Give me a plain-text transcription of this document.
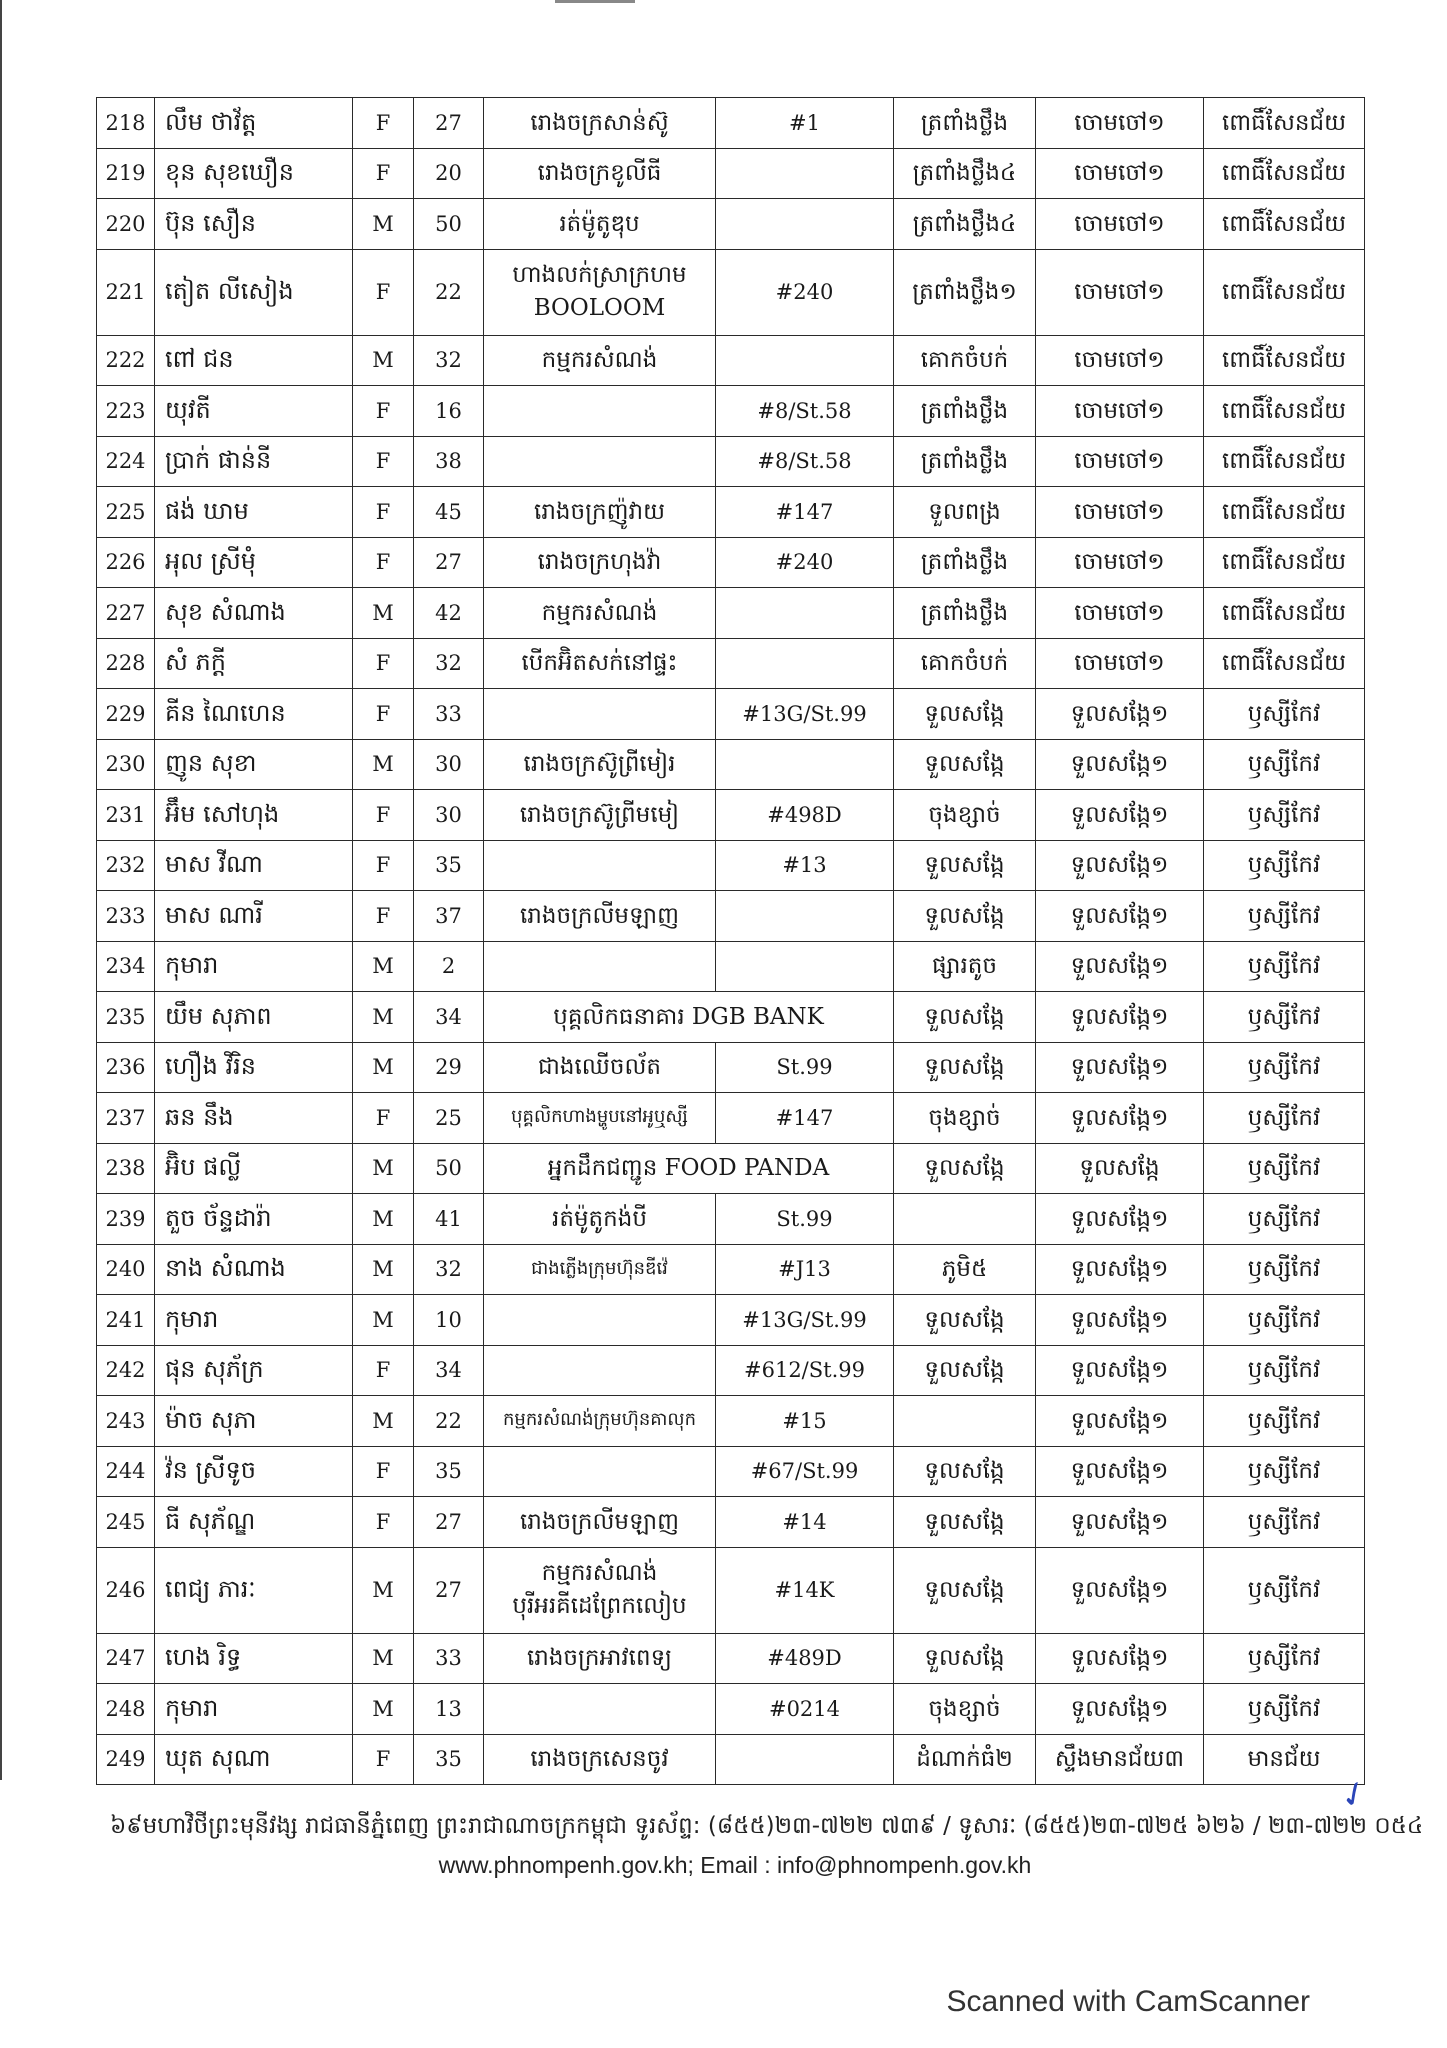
218	លឹម ថាវ័ត្ត	F	27	រោងចក្រសាន់ស៊ូ	#1	ត្រពាំងថ្លឹង	ចោមចៅ១	ពោធិ៍សែនជ័យ
219	ខុន សុខឃឿន	F	20	រោងចក្រខូលីធី		ត្រពាំងថ្លឹង៤	ចោមចៅ១	ពោធិ៍សែនជ័យ
220	ប៊ុន សឿន	M	50	រត់ម៉ូតូឌុប		ត្រពាំងថ្លឹង៤	ចោមចៅ១	ពោធិ៍សែនជ័យ
221	តៀត លីសៀង	F	22	ហាងលក់ស្រាក្រហម
BOOLOOM	#240	ត្រពាំងថ្លឹង១	ចោមចៅ១	ពោធិ៍សែនជ័យ
222	ពៅ ជន	M	32	កម្មករសំណង់		គោកចំបក់	ចោមចៅ១	ពោធិ៍សែនជ័យ
223	យុវតី	F	16		#8/St.58	ត្រពាំងថ្លឹង	ចោមចៅ១	ពោធិ៍សែនជ័យ
224	ប្រាក់ ផាន់នី	F	38		#8/St.58	ត្រពាំងថ្លឹង	ចោមចៅ១	ពោធិ៍សែនជ័យ
225	ផង់ ឃាម	F	45	រោងចក្រញ៉ូវាយ	#147	ទួលពង្រ	ចោមចៅ១	ពោធិ៍សែនជ័យ
226	អុល ស្រីមុំ	F	27	រោងចក្រហុងវ៉ា	#240	ត្រពាំងថ្លឹង	ចោមចៅ១	ពោធិ៍សែនជ័យ
227	សុខ សំណាង	M	42	កម្មករសំណង់		ត្រពាំងថ្លឹង	ចោមចៅ១	ពោធិ៍សែនជ័យ
228	សំ ភក្តី	F	32	បើកអ៊ិតសក់នៅផ្ទះ		គោកចំបក់	ចោមចៅ១	ពោធិ៍សែនជ័យ
229	គីន ណៃហេន	F	33		#13G/St.99	ទួលសង្កែ	ទួលសង្កែ១	ឫស្សីកែវ
230	ញូន សុខា	M	30	រោងចក្រស៊ូព្រីមៀរ		ទួលសង្កែ	ទួលសង្កែ១	ឫស្សីកែវ
231	អ៊ឹម សៅហុង	F	30	រោងចក្រស៊ូព្រីមមៀ	#498D	ចុងខ្សាច់	ទួលសង្កែ១	ឫស្សីកែវ
232	មាស វីណា	F	35		#13	ទួលសង្កែ	ទួលសង្កែ១	ឫស្សីកែវ
233	មាស ណារី	F	37	រោងចក្រលីមឡាញ		ទួលសង្កែ	ទួលសង្កែ១	ឫស្សីកែវ
234	កុមារា	M	2			ផ្សារតូច	ទួលសង្កែ១	ឫស្សីកែវ
235	យឹម សុភាព	M	34	បុគ្គលិកធនាគារ DGB BANK		ទួលសង្កែ	ទួលសង្កែ១	ឫស្សីកែវ
236	ហឿង វិរិន	M	29	ជាងឈើចល័ត	St.99	ទួលសង្កែ	ទួលសង្កែ១	ឫស្សីកែវ
237	ឆន នឹង	F	25	បុគ្គលិកហាងម្ហូបនៅអូឬស្សី	#147	ចុងខ្សាច់	ទួលសង្កែ១	ឫស្សីកែវ
238	អ៊ិប ផល្លី	M	50	អ្នកដឹកជញ្ជូន FOOD PANDA		ទួលសង្កែ	ទួលសង្កែ	ឫស្សីកែវ
239	តួច ច័ន្ទដារ៉ា	M	41	រត់ម៉ូតូកង់បី	St.99		ទួលសង្កែ១	ឫស្សីកែវ
240	នាង សំណាង	M	32	ជាងភ្លើងក្រុមហ៊ុនឌីវ៉េ	#J13	ភូមិ៥	ទួលសង្កែ១	ឫស្សីកែវ
241	កុមារា	M	10		#13G/St.99	ទួលសង្កែ	ទួលសង្កែ១	ឫស្សីកែវ
242	ផុន សុភ័ក្រ	F	34		#612/St.99	ទួលសង្កែ	ទួលសង្កែ១	ឫស្សីកែវ
243	ម៉ាច សុភា	M	22	កម្មករសំណង់ក្រុមហ៊ុនគាលុក	#15		ទួលសង្កែ១	ឫស្សីកែវ
244	វ៉ន ស្រីទូច	F	35		#67/St.99	ទួលសង្កែ	ទួលសង្កែ១	ឫស្សីកែវ
245	ធី សុភ័ណ្ឌ	F	27	រោងចក្រលីមឡាញ	#14	ទួលសង្កែ	ទួលសង្កែ១	ឫស្សីកែវ
246	ពេជ្យ ភារៈ	M	27	កម្មករសំណង់
បុរីអរគីដេព្រែកលៀប	#14K	ទួលសង្កែ	ទួលសង្កែ១	ឫស្សីកែវ
247	ហេង រិទ្ធ	M	33	រោងចក្រអាវពេទ្យ	#489D	ទួលសង្កែ	ទួលសង្កែ១	ឫស្សីកែវ
248	កុមារា	M	13		#0214	ចុងខ្សាច់	ទួលសង្កែ១	ឫស្សីកែវ
249	ឃុត សុណា	F	35	រោងចក្រសេនចូវ		ដំណាក់ធំ២	ស្ទឹងមានជ័យ៣	មានជ័យ
✓
៦៩មហាវិថីព្រះមុនីវង្ស រាជធានីភ្នំពេញ ព្រះរាជាណាចក្រកម្ពុជា ទូរស័ព្ទ: (៨៥៥)២៣-៧២២ ៧៣៩ / ទូសារៈ (៨៥៥)២៣-៧២៥ ៦២៦ / ២៣-៧២២ ០៥៤
www.phnompenh.gov.kh; Email : info@phnompenh.gov.kh
Scanned with CamScanner
